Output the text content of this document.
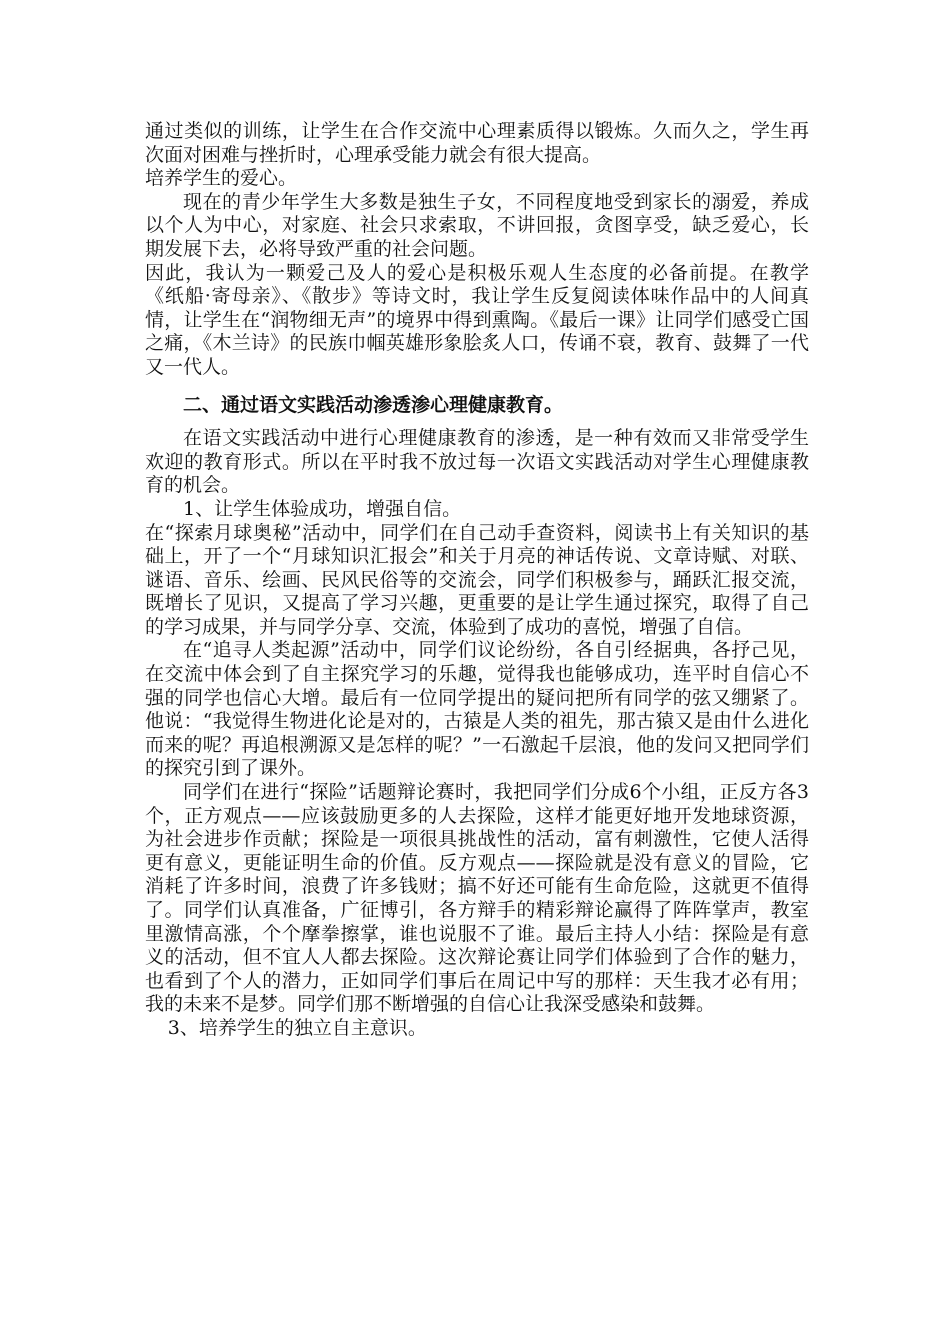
通过类似的训练，让学生在合作交流中心理素质得以锻炼。久而久之，学生再次面对困难与挫折时，心理承受能力就会有很大提高。

培养学生的爱心。

现在的青少年学生大多数是独生子女，不同程度地受到家长的溺爱，养成以个人为中心，对家庭、社会只求索取，不讲回报，贪图享受，缺乏爱心，长期发展下去，必将导致严重的社会问题。

因此，我认为一颗爱己及人的爱心是积极乐观人生态度的必备前提。在教学《纸船·寄母亲》、《散步》等诗文时，我让学生反复阅读体味作品中的人间真情，让学生在“润物细无声”的境界中得到熏陶。《最后一课》让同学们感受亡国之痛，《木兰诗》的民族巾帼英雄形象脍炙人口，传诵不衰，教育、鼓舞了一代又一代人。

二、通过语文实践活动渗透渗心理健康教育。

在语文实践活动中进行心理健康教育的渗透，是一种有效而又非常受学生欢迎的教育形式。所以在平时我不放过每一次语文实践活动对学生心理健康教育的机会。

1、让学生体验成功，增强自信。

在“探索月球奥秘”活动中，同学们在自己动手查资料，阅读书上有关知识的基础上，开了一个“月球知识汇报会”和关于月亮的神话传说、文章诗赋、对联、谜语、音乐、绘画、民风民俗等的交流会，同学们积极参与，踊跃汇报交流，既增长了见识，又提高了学习兴趣，更重要的是让学生通过探究，取得了自己的学习成果，并与同学分享、交流，体验到了成功的喜悦，增强了自信。

在“追寻人类起源”活动中，同学们议论纷纷，各自引经据典，各抒己见，在交流中体会到了自主探究学习的乐趣，觉得我也能够成功，连平时自信心不强的同学也信心大增。最后有一位同学提出的疑问把所有同学的弦又绷紧了。他说：“我觉得生物进化论是对的，古猿是人类的祖先，那古猿又是由什么进化而来的呢？再追根溯源又是怎样的呢？”一石激起千层浪，他的发问又把同学们的探究引到了课外。

同学们在进行“探险”话题辩论赛时，我把同学们分成6个小组，正反方各3个，正方观点——应该鼓励更多的人去探险，这样才能更好地开发地球资源，为社会进步作贡献；探险是一项很具挑战性的活动，富有刺激性，它使人活得更有意义，更能证明生命的价值。反方观点——探险就是没有意义的冒险，它消耗了许多时间，浪费了许多钱财；搞不好还可能有生命危险，这就更不值得了。同学们认真准备，广征博引，各方辩手的精彩辩论赢得了阵阵掌声，教室里激情高涨，个个摩拳擦掌，谁也说服不了谁。最后主持人小结：探险是有意义的活动，但不宜人人都去探险。这次辩论赛让同学们体验到了合作的魅力，也看到了个人的潜力，正如同学们事后在周记中写的那样：天生我才必有用；我的未来不是梦。同学们那不断增强的自信心让我深受感染和鼓舞。

3、培养学生的独立自主意识。
